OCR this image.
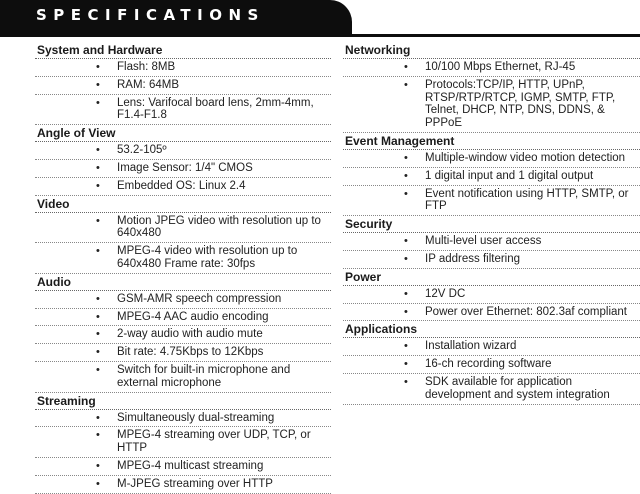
SPECIFICATIONS
System and Hardware
• Flash: 8MB
• RAM: 64MB
• Lens: Varifocal board lens, 2mm-4mm, F1.4-F1.8
Angle of View
• 53.2-105º
• Image Sensor: 1/4" CMOS
• Embedded OS: Linux 2.4
Video
• Motion JPEG video with resolution up to 640x480
• MPEG-4 video with resolution up to 640x480 Frame rate: 30fps
Audio
• GSM-AMR speech compression
• MPEG-4 AAC audio encoding
• 2-way audio with audio mute
• Bit rate: 4.75Kbps to 12Kbps
• Switch for built-in microphone and external microphone
Streaming
• Simultaneously dual-streaming
• MPEG-4 streaming over UDP, TCP, or HTTP
• MPEG-4 multicast streaming
• M-JPEG streaming over HTTP
Networking
• 10/100 Mbps Ethernet, RJ-45
• Protocols:TCP/IP, HTTP, UPnP, RTSP/RTP/RTCP, IGMP, SMTP, FTP, Telnet, DHCP, NTP, DNS, DDNS, & PPPoE
Event Management
• Multiple-window video motion detection
• 1 digital input and 1 digital output
• Event notification using HTTP, SMTP, or FTP
Security
• Multi-level user access
• IP address filtering
Power
• 12V DC
• Power over Ethernet: 802.3af compliant
Applications
• Installation wizard
• 16-ch recording software
• SDK available for application development and system integration
